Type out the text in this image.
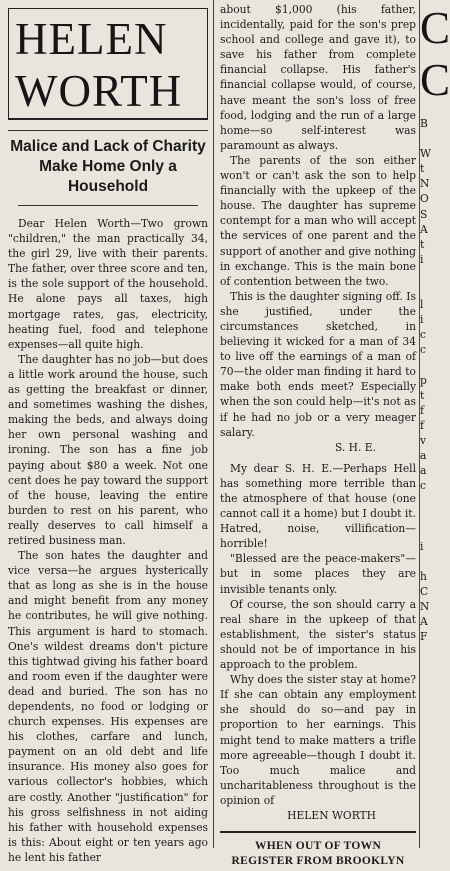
HELEN
WORTH
Malice and Lack of Charity Make Home Only a Household

Dear Helen Worth—Two grown "children," the man practically 34, the girl 29, live with their parents. The father, over three score and ten, is the sole support of the household. He alone pays all taxes, high mortgage rates, gas, electricity, heating fuel, food and telephone expenses—all quite high.

The daughter has no job—but does a little work around the house, such as getting the breakfast or dinner, and sometimes washing the dishes, making the beds, and always doing her own personal washing and ironing. The son has a fine job paying about $80 a week. Not one cent does he pay toward the support of the house, leaving the entire burden to rest on his parent, who really deserves to call himself a retired business man.

The son hates the daughter and vice versa—he argues hysterically that as long as she is in the house and might benefit from any money he contributes, he will give nothing. This argument is hard to stomach. One's wildest dreams don't picture this tightwad giving his father board and room even if the daughter were dead and buried. The son has no dependents, no food or lodging or church expenses. His expenses are his clothes, carfare and lunch, payment on an old debt and life insurance. His money also goes for various collector's hobbies, which are costly. Another "justification" for his gross selfishness in not aiding his father with household expenses is this: About eight or ten years ago he lent his father

about $1,000 (his father, incidentally, paid for the son's prep school and college and gave it), to save his father from complete financial collapse. His father's financial collapse would, of course, have meant the son's loss of free food, lodging and the run of a large home—so self-interest was paramount as always.

The parents of the son either won't or can't ask the son to help financially with the upkeep of the house. The daughter has supreme contempt for a man who will accept the services of one parent and the support of another and give nothing in exchange. This is the main bone of contention between the two.

This is the daughter signing off. Is she justified, under the circumstances sketched, in believing it wicked for a man of 34 to live off the earnings of a man of 70—the older man finding it hard to make both ends meet? Especially when the son could help—it's not as if he had no job or a very meager salary.

S. H. E.

My dear S. H. E.—Perhaps Hell has something more terrible than the atmosphere of that house (one cannot call it a home) but I doubt it. Hatred, noise, villification—horrible!

"Blessed are the peace-makers"—but in some places they are invisible tenants only.

Of course, the son should carry a real share in the upkeep of that establishment, the sister's status should not be of importance in his approach to the problem.

Why does the sister stay at home? If she can obtain any employment she should do so—and pay in proportion to her earnings. This might tend to make matters a trifle more agreeable—though I doubt it. Too much malice and uncharitableness throughout is the opinion of

HELEN WORTH

WHEN OUT OF TOWN
REGISTER FROM BROOKLYN
C
C
B

W
t
N
O
S
A
t
i

l
i
c
c

p
t
f
f
v
a
a
c

i

h
C
N
A
F
